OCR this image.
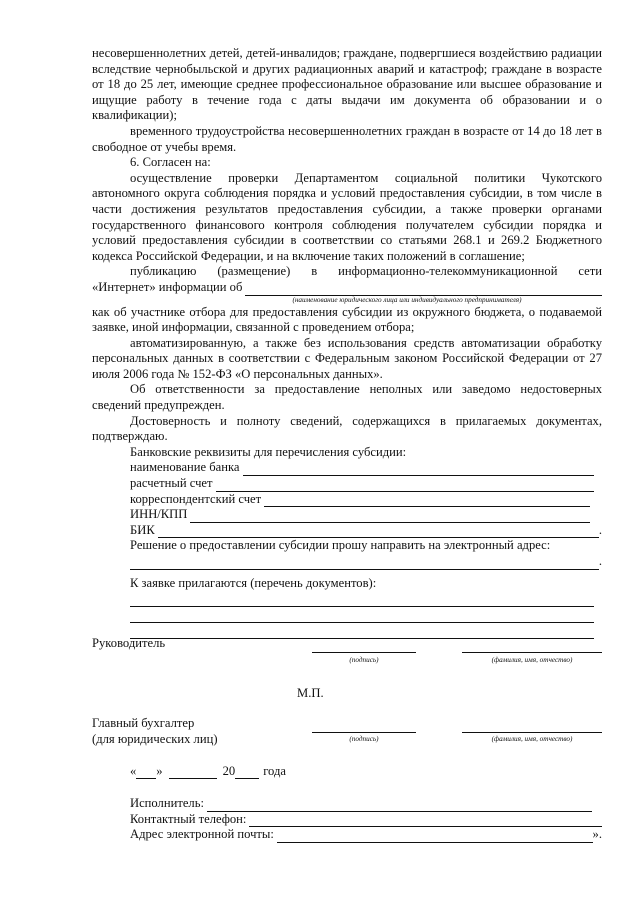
несовершеннолетних детей, детей-инвалидов; граждане, подвергшиеся воздействию радиации вследствие чернобыльской и других радиационных аварий и катастроф; граждане в возрасте от 18 до 25 лет, имеющие среднее профессиональное образование или высшее образование и ищущие работу в течение года с даты выдачи им документа об образовании и о квалификации);

временного трудоустройства несовершеннолетних граждан в возрасте от 14 до 18 лет в свободное от учебы время.

6. Согласен на:

осуществление проверки Департаментом социальной политики Чукотского автономного округа соблюдения порядка и условий предоставления субсидии, в том числе в части достижения результатов предоставления субсидии, а также проверки органами государственного финансового контроля соблюдения получателем субсидии порядка и условий предоставления субсидии в соответствии со статьями 268.1 и 269.2 Бюджетного кодекса Российской Федерации, и на включение таких положений в соглашение;

публикацию (размещение) в информационно-телекоммуникационной сети

«Интернет» информации об
(наименование юридического лица или индивидуального предпринимателя)

как об участнике отбора для предоставления субсидии из окружного бюджета, о подаваемой заявке, иной информации, связанной с проведением отбора;

автоматизированную, а также без использования средств автоматизации обработку персональных данных в соответствии с Федеральным законом Российской Федерации от 27 июля 2006 года № 152-ФЗ «О персональных данных».

Об ответственности за предоставление неполных или заведомо недостоверных сведений предупрежден.

Достоверность и полноту сведений, содержащихся в прилагаемых документах, подтверждаю.

Банковские реквизиты для перечисления субсидии:
наименование банка
расчетный счет
корреспондентский счет
ИНН/КПП
БИК	.
Решение о предоставлении субсидии прошу направить на электронный адрес:
.
К заявке прилагаются (перечень документов):
Руководитель
(подпись)	(фамилия, имя, отчество)
М.П.
Главный бухгалтер
(для юридических лиц)	(подпись)	(фамилия, имя, отчество)
« »	20 года
Исполнитель:
Контактный телефон:
Адрес электронной почты:	».
